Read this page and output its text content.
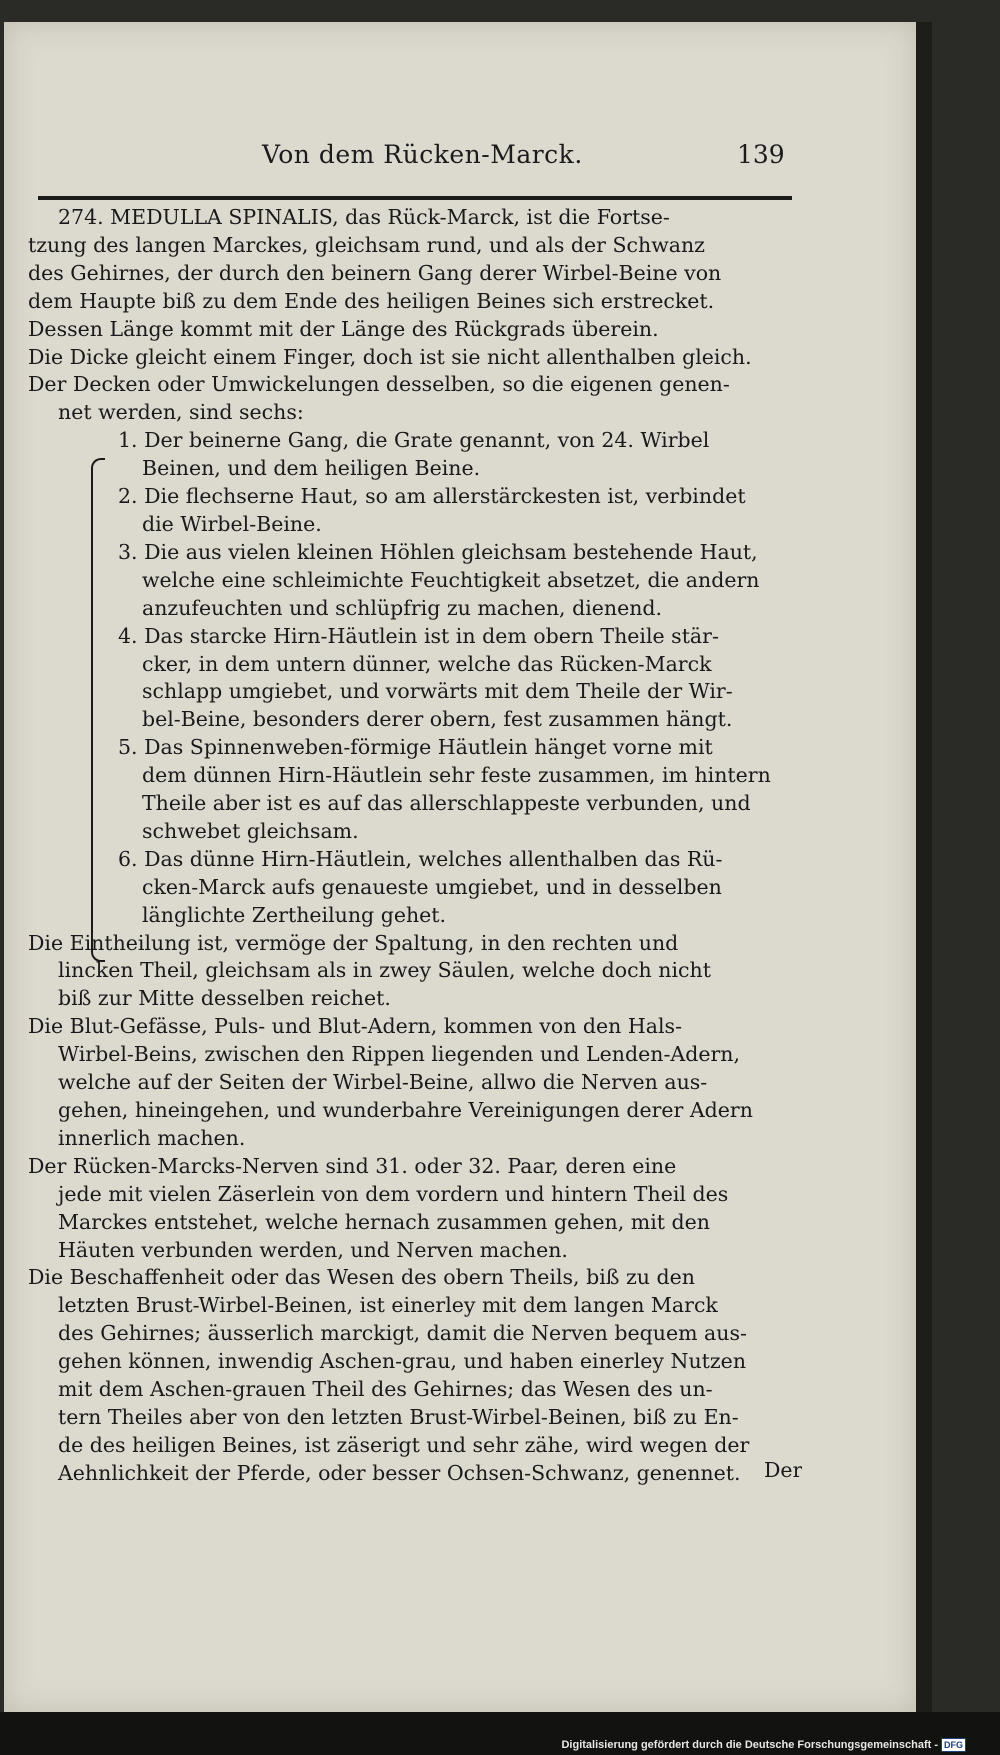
Von dem Rücken-Marck.	139
274. MEDULLA SPINALIS, das Rück-Marck, ist die Fortse-
tzung des langen Marckes, gleichsam rund, und als der Schwanz
des Gehirnes, der durch den beinern Gang derer Wirbel-Beine von
dem Haupte biß zu dem Ende des heiligen Beines sich erstrecket.
Dessen Länge kommt mit der Länge des Rückgrads überein.
Die Dicke gleicht einem Finger, doch ist sie nicht allenthalben gleich.
Der Decken oder Umwickelungen desselben, so die eigenen genen-
net werden, sind sechs:
1. Der beinerne Gang, die Grate genannt, von 24. Wirbel
Beinen, und dem heiligen Beine.
2. Die flechserne Haut, so am allerstärckesten ist, verbindet
die Wirbel-Beine.
3. Die aus vielen kleinen Höhlen gleichsam bestehende Haut,
welche eine schleimichte Feuchtigkeit absetzet, die andern
anzufeuchten und schlüpfrig zu machen, dienend.
4. Das starcke Hirn-Häutlein ist in dem obern Theile stär-
cker, in dem untern dünner, welche das Rücken-Marck
schlapp umgiebet, und vorwärts mit dem Theile der Wir-
bel-Beine, besonders derer obern, fest zusammen hängt.
5. Das Spinnenweben-förmige Häutlein hänget vorne mit
dem dünnen Hirn-Häutlein sehr feste zusammen, im hintern
Theile aber ist es auf das allerschlappeste verbunden, und
schwebet gleichsam.
6. Das dünne Hirn-Häutlein, welches allenthalben das Rü-
cken-Marck aufs genaueste umgiebet, und in desselben
länglichte Zertheilung gehet.
Die Eintheilung ist, vermöge der Spaltung, in den rechten und
lincken Theil, gleichsam als in zwey Säulen, welche doch nicht
biß zur Mitte desselben reichet.
Die Blut-Gefässe, Puls- und Blut-Adern, kommen von den Hals-
Wirbel-Beins, zwischen den Rippen liegenden und Lenden-Adern,
welche auf der Seiten der Wirbel-Beine, allwo die Nerven aus-
gehen, hineingehen, und wunderbahre Vereinigungen derer Adern
innerlich machen.
Der Rücken-Marcks-Nerven sind 31. oder 32. Paar, deren eine
jede mit vielen Zäserlein von dem vordern und hintern Theil des
Marckes entstehet, welche hernach zusammen gehen, mit den
Häuten verbunden werden, und Nerven machen.
Die Beschaffenheit oder das Wesen des obern Theils, biß zu den
letzten Brust-Wirbel-Beinen, ist einerley mit dem langen Marck
des Gehirnes; äusserlich marckigt, damit die Nerven bequem aus-
gehen können, inwendig Aschen-grau, und haben einerley Nutzen
mit dem Aschen-grauen Theil des Gehirnes; das Wesen des un-
tern Theiles aber von den letzten Brust-Wirbel-Beinen, biß zu En-
de des heiligen Beines, ist zäserigt und sehr zähe, wird wegen der
Aehnlichkeit der Pferde, oder besser Ochsen-Schwanz, genennet.	Der
Digitalisierung gefördert durch die Deutsche Forschungsgemeinschaft - DFG
